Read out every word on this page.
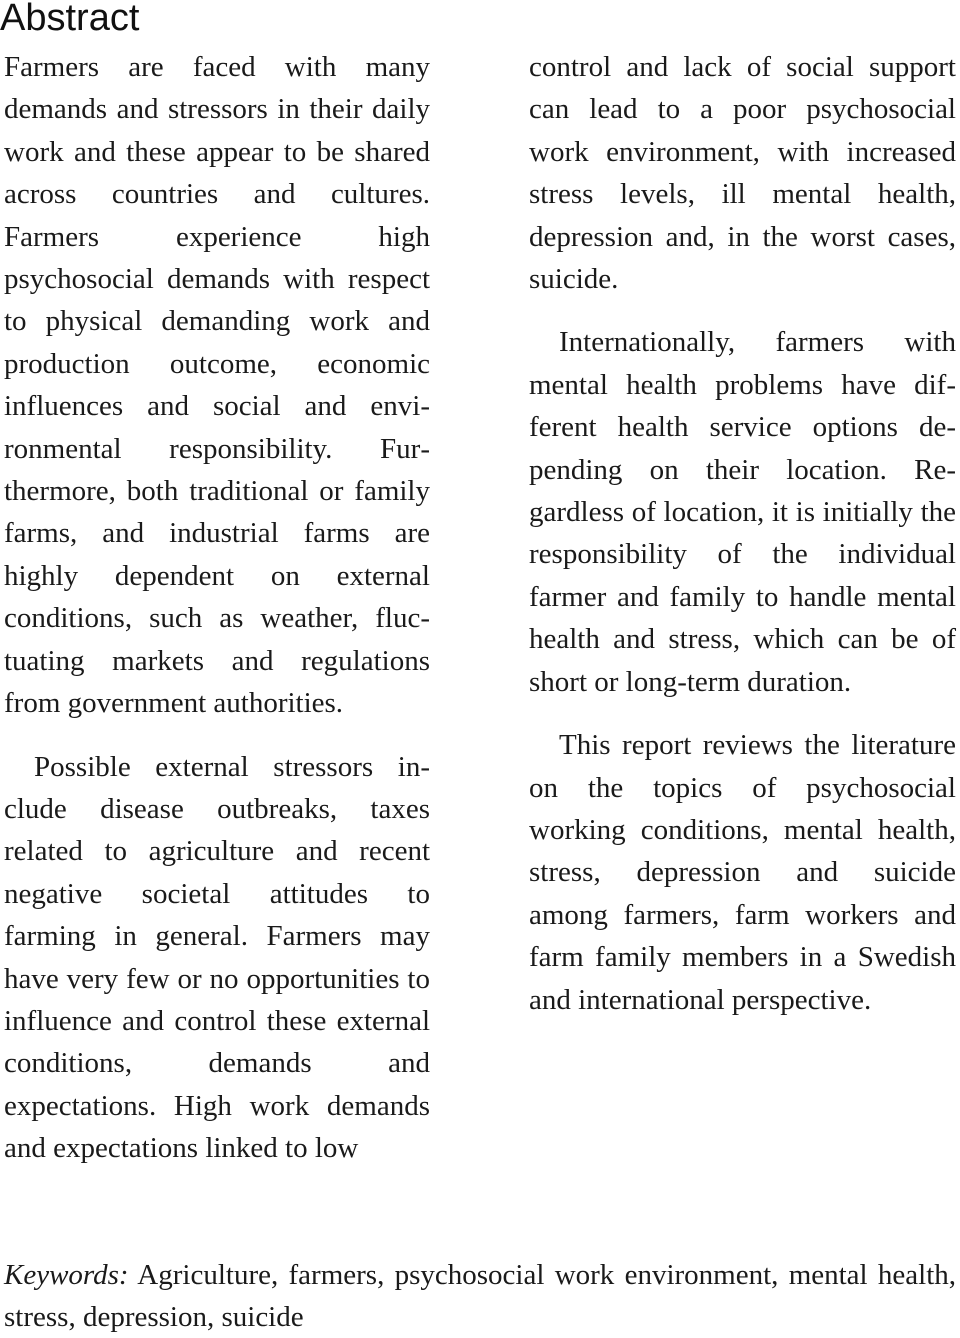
Abstract

Farmers are faced with many demands and stressors in their daily work and these appear to be shared across countries and cultures. Farmers experience high psychosocial demands with respect to physical demanding work and production outcome, economic influences and social and environmental responsibility. Furthermore, both traditional or family farms, and industrial farms are highly dependent on external conditions, such as weather, fluctuating markets and regulations from government authorities.

Possible external stressors include disease outbreaks, taxes related to agriculture and recent negative societal attitudes to farming in general. Farmers may have very few or no opportunities to influence and control these external conditions, demands and expectations. High work demands and expectations linked to low

control and lack of social support can lead to a poor psychosocial work environment, with increased stress levels, ill mental health, depression and, in the worst cases, suicide.

Internationally, farmers with mental health problems have different health service options depending on their location. Regardless of location, it is initially the responsibility of the individual farmer and family to handle mental health and stress, which can be of short or long-term duration.

This report reviews the literature on the topics of psychosocial working conditions, mental health, stress, depression and suicide among farmers, farm workers and farm family members in a Swedish and international perspective.

Keywords: Agriculture, farmers, psychosocial work environment, mental health, stress, depression, suicide
